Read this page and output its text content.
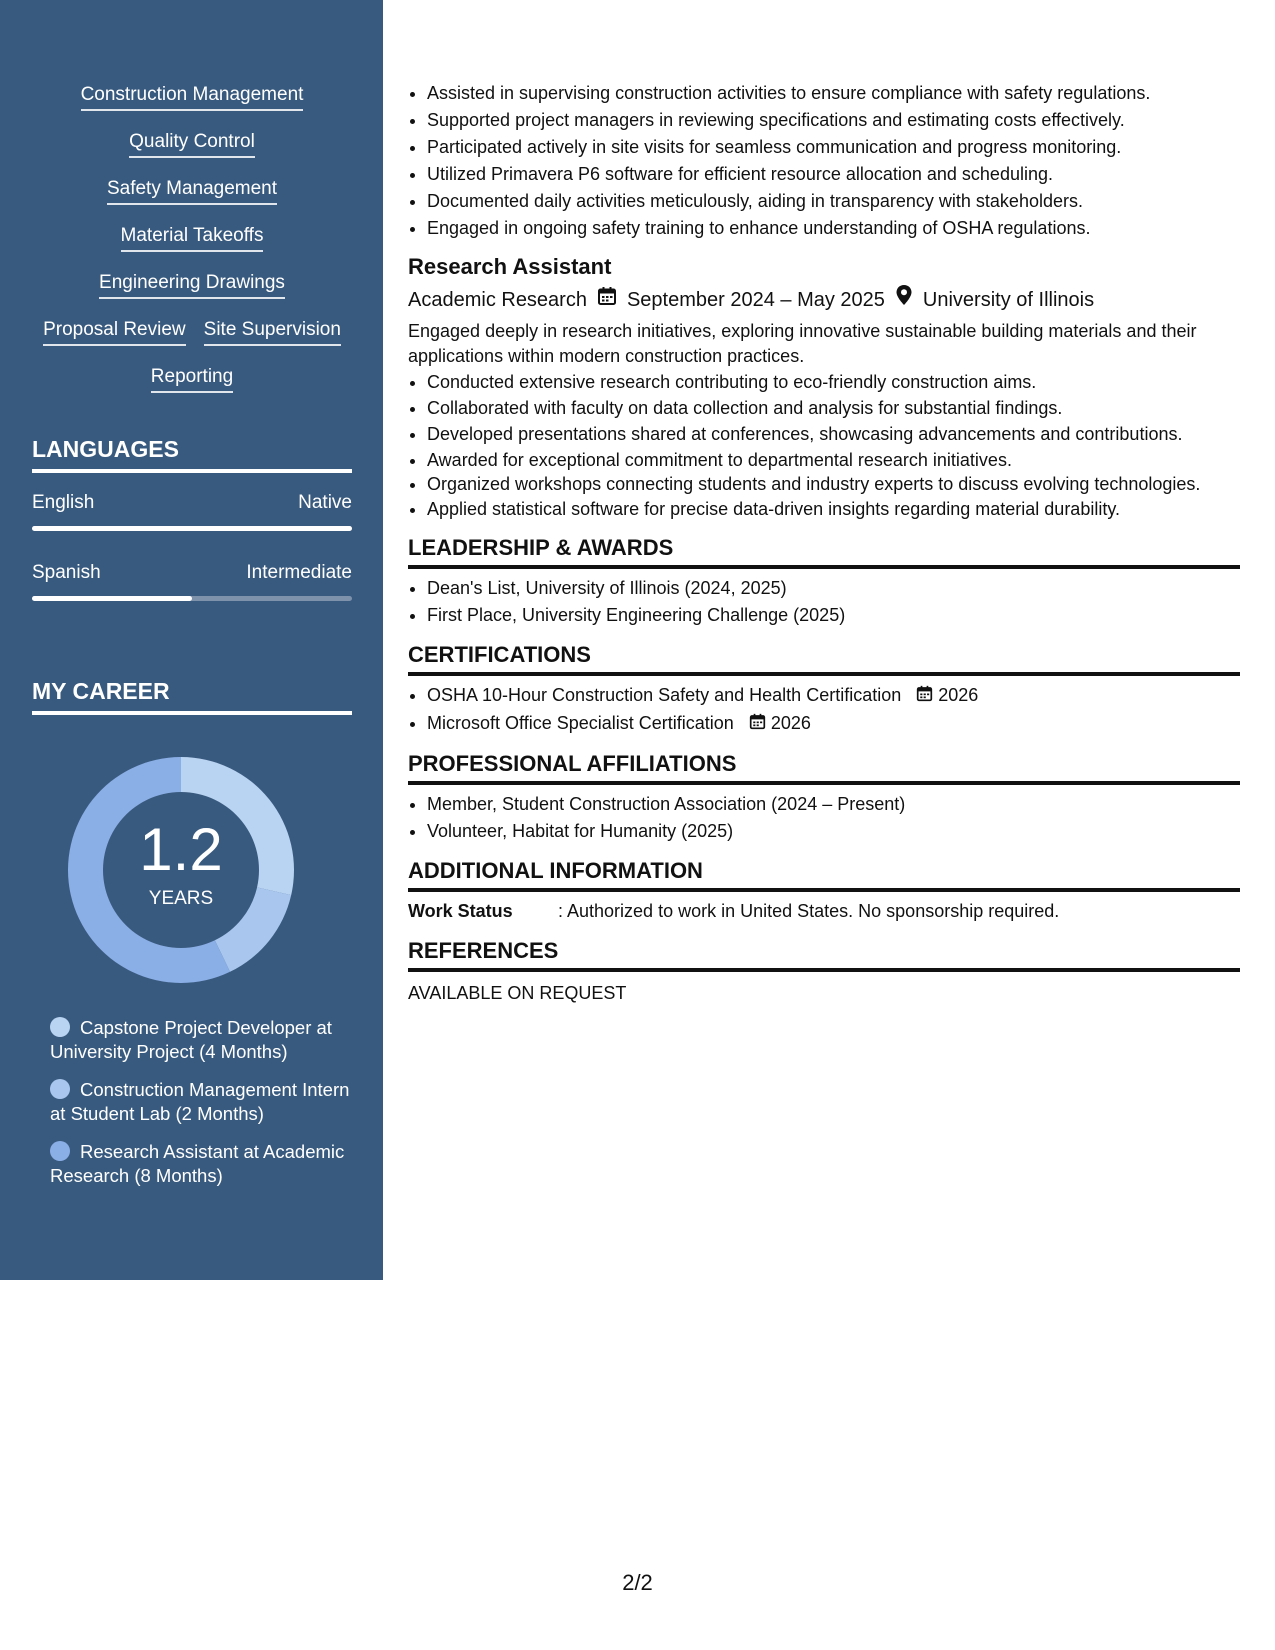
Construction Management
Quality Control
Safety Management
Material Takeoffs
Engineering Drawings
Proposal Review Site Supervision
Reporting
LANGUAGES
English	Native
Spanish	Intermediate
MY CAREER
1.2
YEARS
Capstone Project Developer at University Project (4 Months)
Construction Management Intern at Student Lab (2 Months)
Research Assistant at Academic Research (8 Months)
• Assisted in supervising construction activities to ensure compliance with safety regulations.
• Supported project managers in reviewing specifications and estimating costs effectively.
• Participated actively in site visits for seamless communication and progress monitoring.
• Utilized Primavera P6 software for efficient resource allocation and scheduling.
• Documented daily activities meticulously, aiding in transparency with stakeholders.
• Engaged in ongoing safety training to enhance understanding of OSHA regulations.
Research Assistant
Academic Research September 2024 – May 2025 University of Illinois
Engaged deeply in research initiatives, exploring innovative sustainable building materials and their applications within modern construction practices.
• Conducted extensive research contributing to eco-friendly construction aims.
• Collaborated with faculty on data collection and analysis for substantial findings.
• Developed presentations shared at conferences, showcasing advancements and contributions.
• Awarded for exceptional commitment to departmental research initiatives.
• Organized workshops connecting students and industry experts to discuss evolving technologies.
• Applied statistical software for precise data-driven insights regarding material durability.
LEADERSHIP & AWARDS
• Dean's List, University of Illinois (2024, 2025)
• First Place, University Engineering Challenge (2025)
CERTIFICATIONS
• OSHA 10-Hour Construction Safety and Health Certification 2026
• Microsoft Office Specialist Certification 2026
PROFESSIONAL AFFILIATIONS
• Member, Student Construction Association (2024 – Present)
• Volunteer, Habitat for Humanity (2025)
ADDITIONAL INFORMATION
Work Status	: Authorized to work in United States. No sponsorship required.
REFERENCES
AVAILABLE ON REQUEST
2/2
